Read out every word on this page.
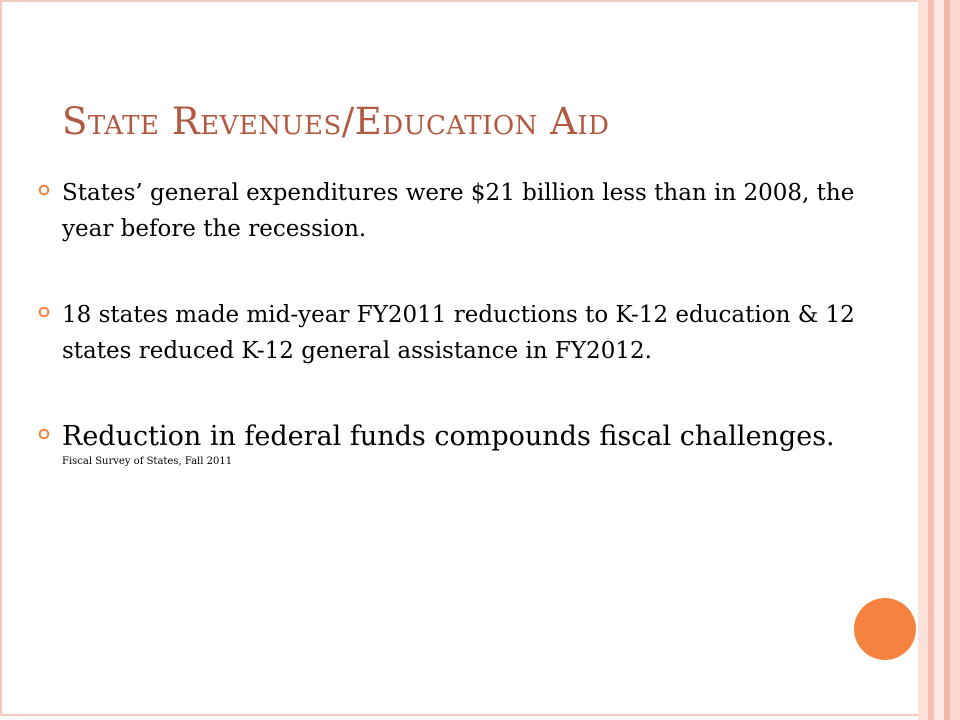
State Revenues/Education Aid
States’ general expenditures were $21 billion less than in 2008, the year before the recession.
18 states made mid-year FY2011 reductions to K-12 education & 12 states reduced K-12 general assistance in FY2012.
Reduction in federal funds compounds fiscal challenges.
Fiscal Survey of States, Fall 2011
